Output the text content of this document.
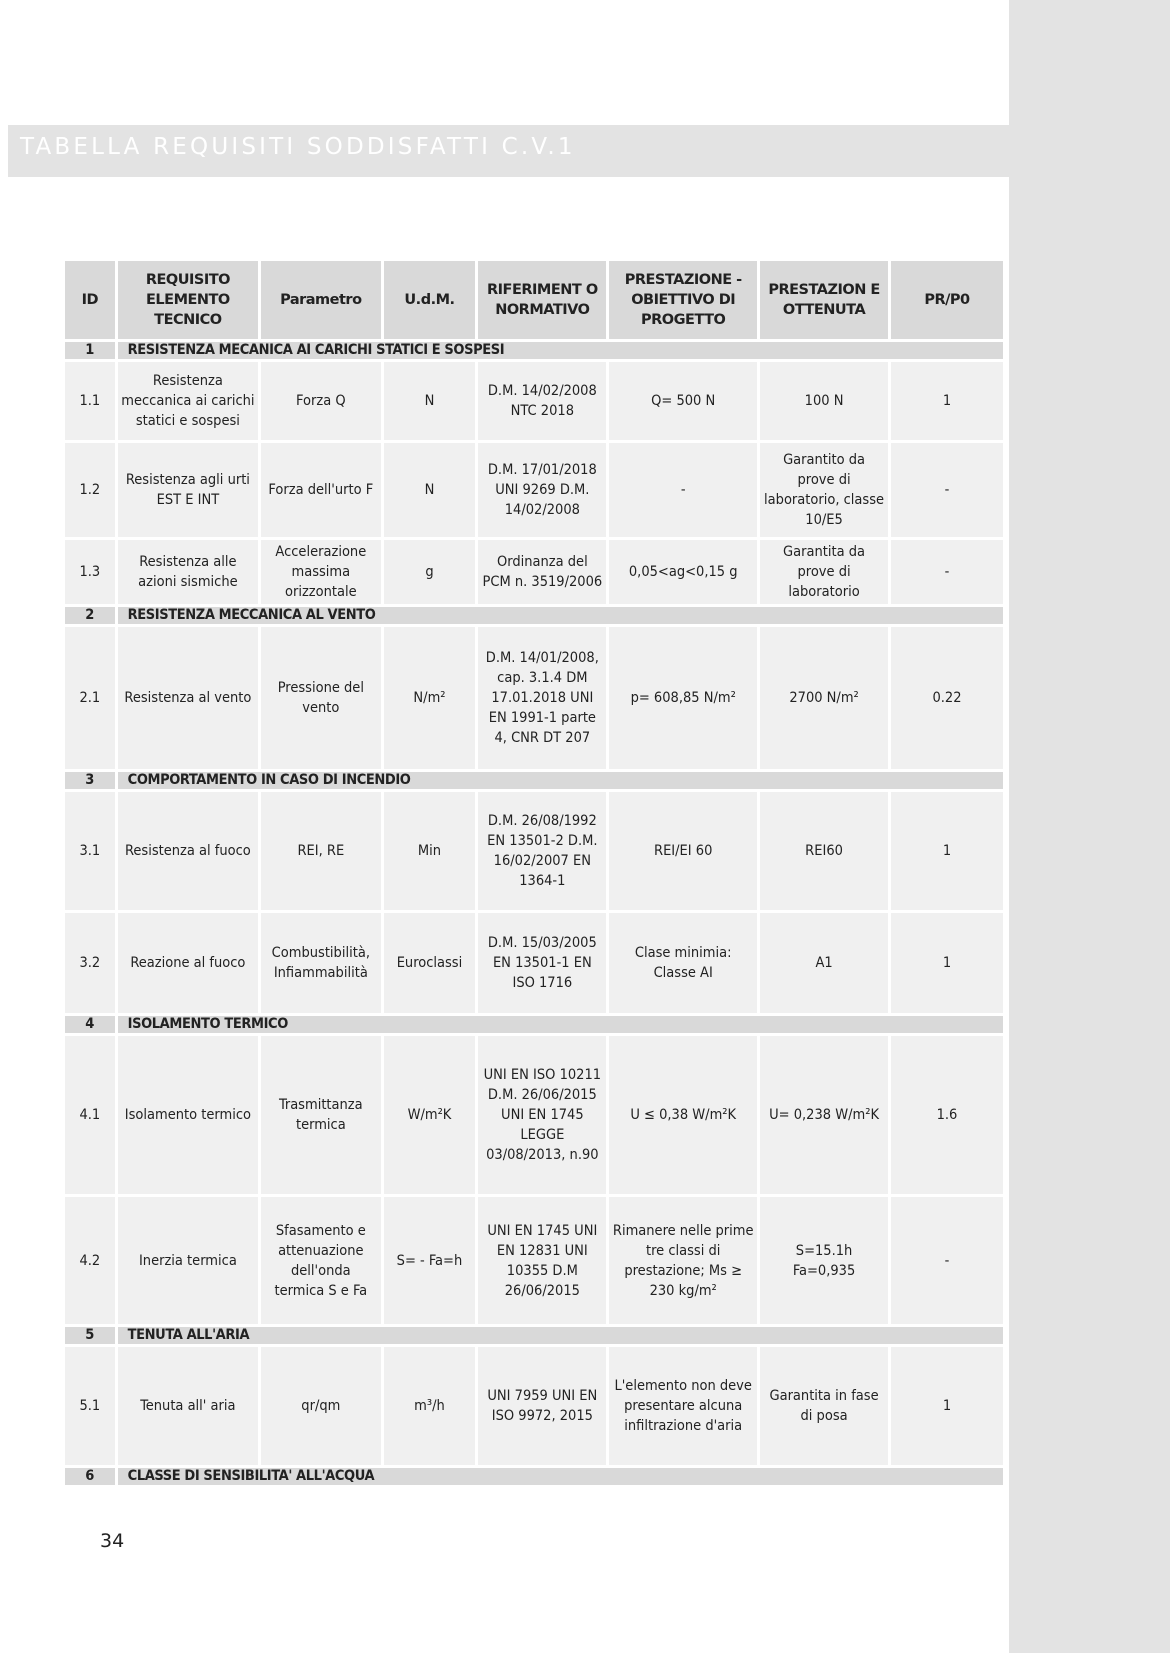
TABELLA REQUISITI SODDISFATTI C.V.1
ID	REQUISITO ELEMENTO TECNICO	Parametro	U.d.M.	RIFERIMENT O NORMATIVO	PRESTAZIONE - OBIETTIVO DI PROGETTO	PRESTAZION E OTTENUTA	PR/P0
1	RESISTENZA MECANICA AI CARICHI STATICI E SOSPESI						
1.1	Resistenza meccanica ai carichi statici e sospesi	Forza Q	N	D.M. 14/02/2008 NTC 2018	Q= 500 N	100 N	1
1.2	Resistenza agli urti EST E INT	Forza dell'urto F	N	D.M. 17/01/2018 UNI 9269 D.M. 14/02/2008	-	Garantito da prove di laboratorio, classe 10/E5	-
1.3	Resistenza alle azioni sismiche	Accelerazione massima orizzontale	g	Ordinanza del PCM n. 3519/2006	0,05<ag<0,15 g	Garantita da prove di laboratorio	-
2	RESISTENZA MECCANICA AL VENTO						
2.1	Resistenza al vento	Pressione del vento	N/m²	D.M. 14/01/2008, cap. 3.1.4 DM 17.01.2018 UNI EN 1991-1 parte 4, CNR DT 207	p= 608,85 N/m²	2700 N/m²	0.22
3	COMPORTAMENTO IN CASO DI INCENDIO						
3.1	Resistenza al fuoco	REI, RE	Min	D.M. 26/08/1992 EN 13501-2 D.M. 16/02/2007 EN 1364-1	REI/EI 60	REI60	1
3.2	Reazione al fuoco	Combustibilità, Infiammabilità	Euroclassi	D.M. 15/03/2005 EN 13501-1 EN ISO 1716	Clase minimia: Classe AI	A1	1
4	ISOLAMENTO TERMICO						
4.1	Isolamento termico	Trasmittanza termica	W/m²K	UNI EN ISO 10211 D.M. 26/06/2015 UNI EN 1745 LEGGE 03/08/2013, n.90	U ≤ 0,38 W/m²K	U= 0,238 W/m²K	1.6
4.2	Inerzia termica	Sfasamento e attenuazione dell'onda termica S e Fa	S= - Fa=h	UNI EN 1745 UNI EN 12831 UNI 10355 D.M 26/06/2015	Rimanere nelle prime tre classi di prestazione; Ms ≥ 230 kg/m²	S=15.1h Fa=0,935	-
5	TENUTA ALL'ARIA						
5.1	Tenuta all' aria	qr/qm	m³/h	UNI 7959 UNI EN ISO 9972, 2015	L'elemento non deve presentare alcuna infiltrazione d'aria	Garantita in fase di posa	1
6	CLASSE DI SENSIBILITA' ALL'ACQUA						
34
